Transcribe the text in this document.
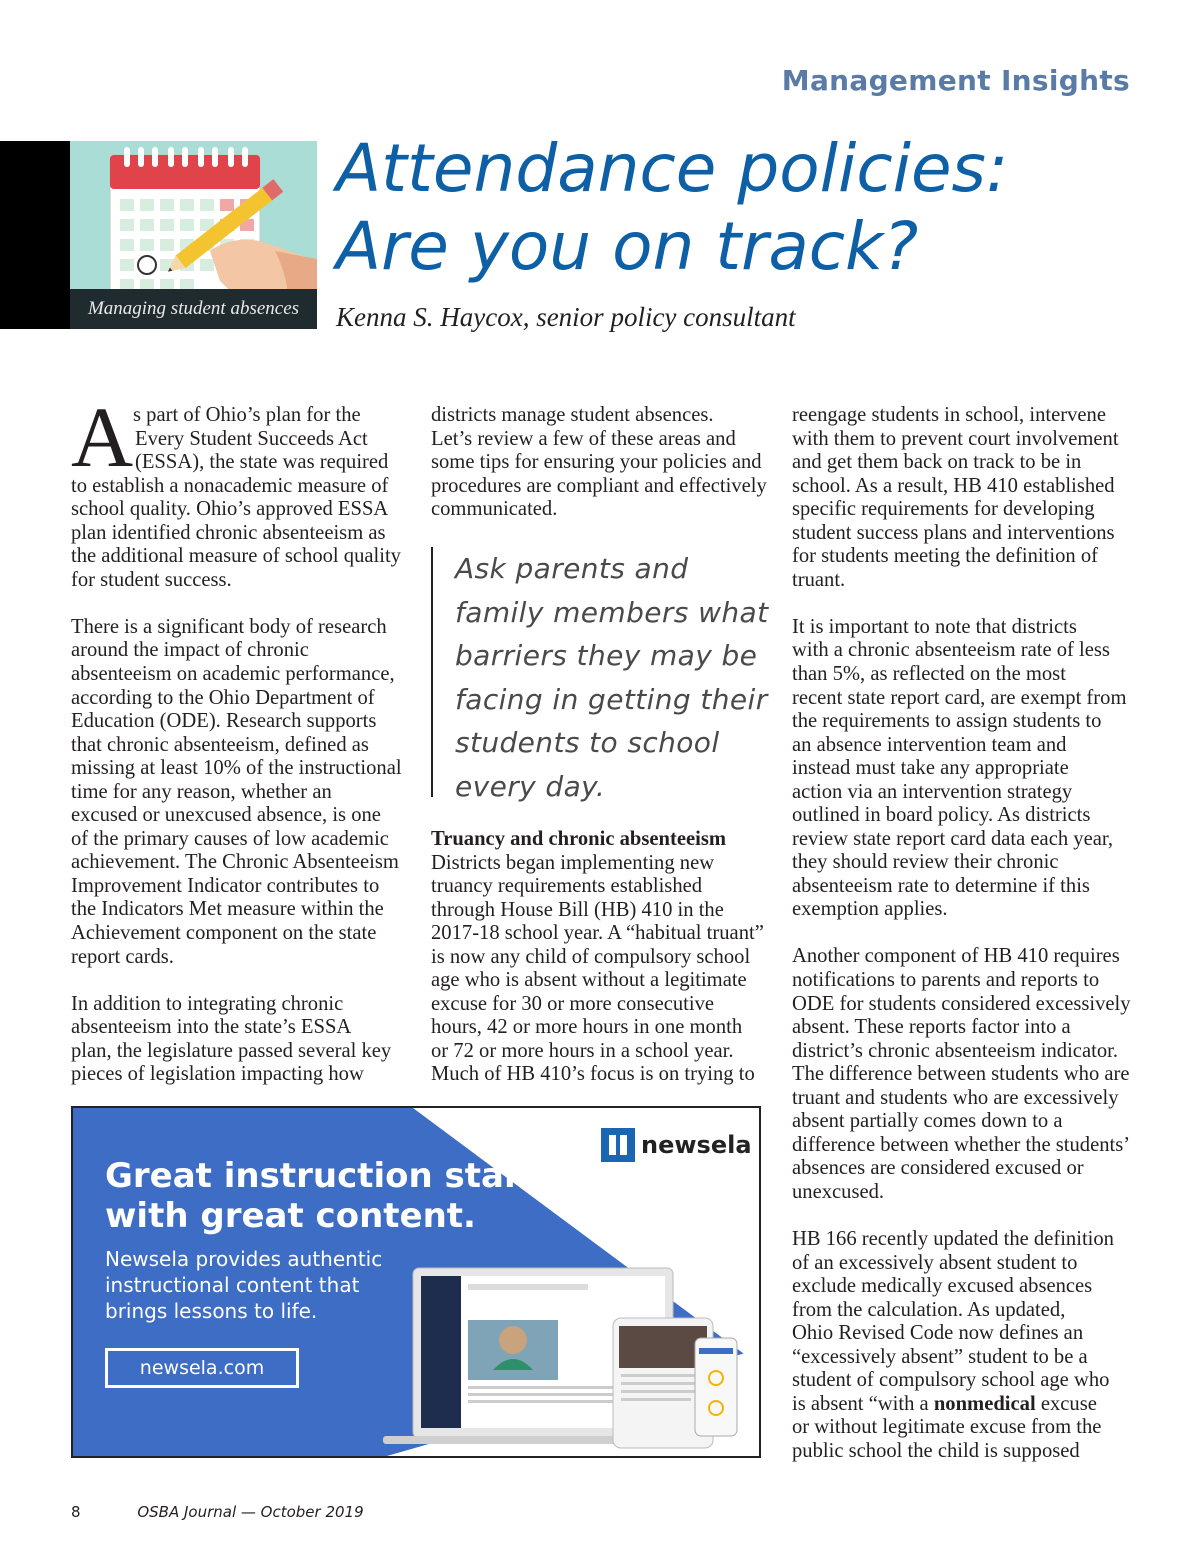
Management Insights
Managing student absences
Attendance policies:
Are you on track?
Kenna S. Haycox, senior policy consultant
A s part of Ohio’s plan for the
Every Student Succeeds Act
(ESSA), the state was required
to establish a nonacademic measure of
school quality. Ohio’s approved ESSA
plan identified chronic absenteeism as
the additional measure of school quality
for student success.

There is a significant body of research
around the impact of chronic
absenteeism on academic performance,
according to the Ohio Department of
Education (ODE). Research supports
that chronic absenteeism, defined as
missing at least 10% of the instructional
time for any reason, whether an
excused or unexcused absence, is one
of the primary causes of low academic
achievement. The Chronic Absenteeism
Improvement Indicator contributes to
the Indicators Met measure within the
Achievement component on the state
report cards.

In addition to integrating chronic
absenteeism into the state’s ESSA
plan, the legislature passed several key
pieces of legislation impacting how

districts manage student absences.
Let’s review a few of these areas and
some tips for ensuring your policies and
procedures are compliant and effectively
communicated.

Ask parents and
family members what
barriers they may be
facing in getting their
students to school
every day.
Truancy and chronic absenteeism
Districts began implementing new
truancy requirements established
through House Bill (HB) 410 in the
2017-18 school year. A “habitual truant”
is now any child of compulsory school
age who is absent without a legitimate
excuse for 30 or more consecutive
hours, 42 or more hours in one month
or 72 or more hours in a school year.
Much of HB 410’s focus is on trying to

reengage students in school, intervene
with them to prevent court involvement
and get them back on track to be in
school. As a result, HB 410 established
specific requirements for developing
student success plans and interventions
for students meeting the definition of
truant.

It is important to note that districts
with a chronic absenteeism rate of less
than 5%, as reflected on the most
recent state report card, are exempt from
the requirements to assign students to
an absence intervention team and
instead must take any appropriate
action via an intervention strategy
outlined in board policy. As districts
review state report card data each year,
they should review their chronic
absenteeism rate to determine if this
exemption applies.

Another component of HB 410 requires
notifications to parents and reports to
ODE for students considered excessively
absent. These reports factor into a
district’s chronic absenteeism indicator.
The difference between students who are
truant and students who are excessively
absent partially comes down to a
difference between whether the students’
absences are considered excused or
unexcused.

HB 166 recently updated the definition
of an excessively absent student to
exclude medically excused absences
from the calculation. As updated,
Ohio Revised Code now defines an
“excessively absent” student to be a
student of compulsory school age who
is absent “with a nonmedical excuse
or without legitimate excuse from the
public school the child is supposed

newsela
Great instruction starts
with great content.
Newsela provides authentic
instructional content that
brings lessons to life.
newsela.com
8	OSBA Journal — October 2019
